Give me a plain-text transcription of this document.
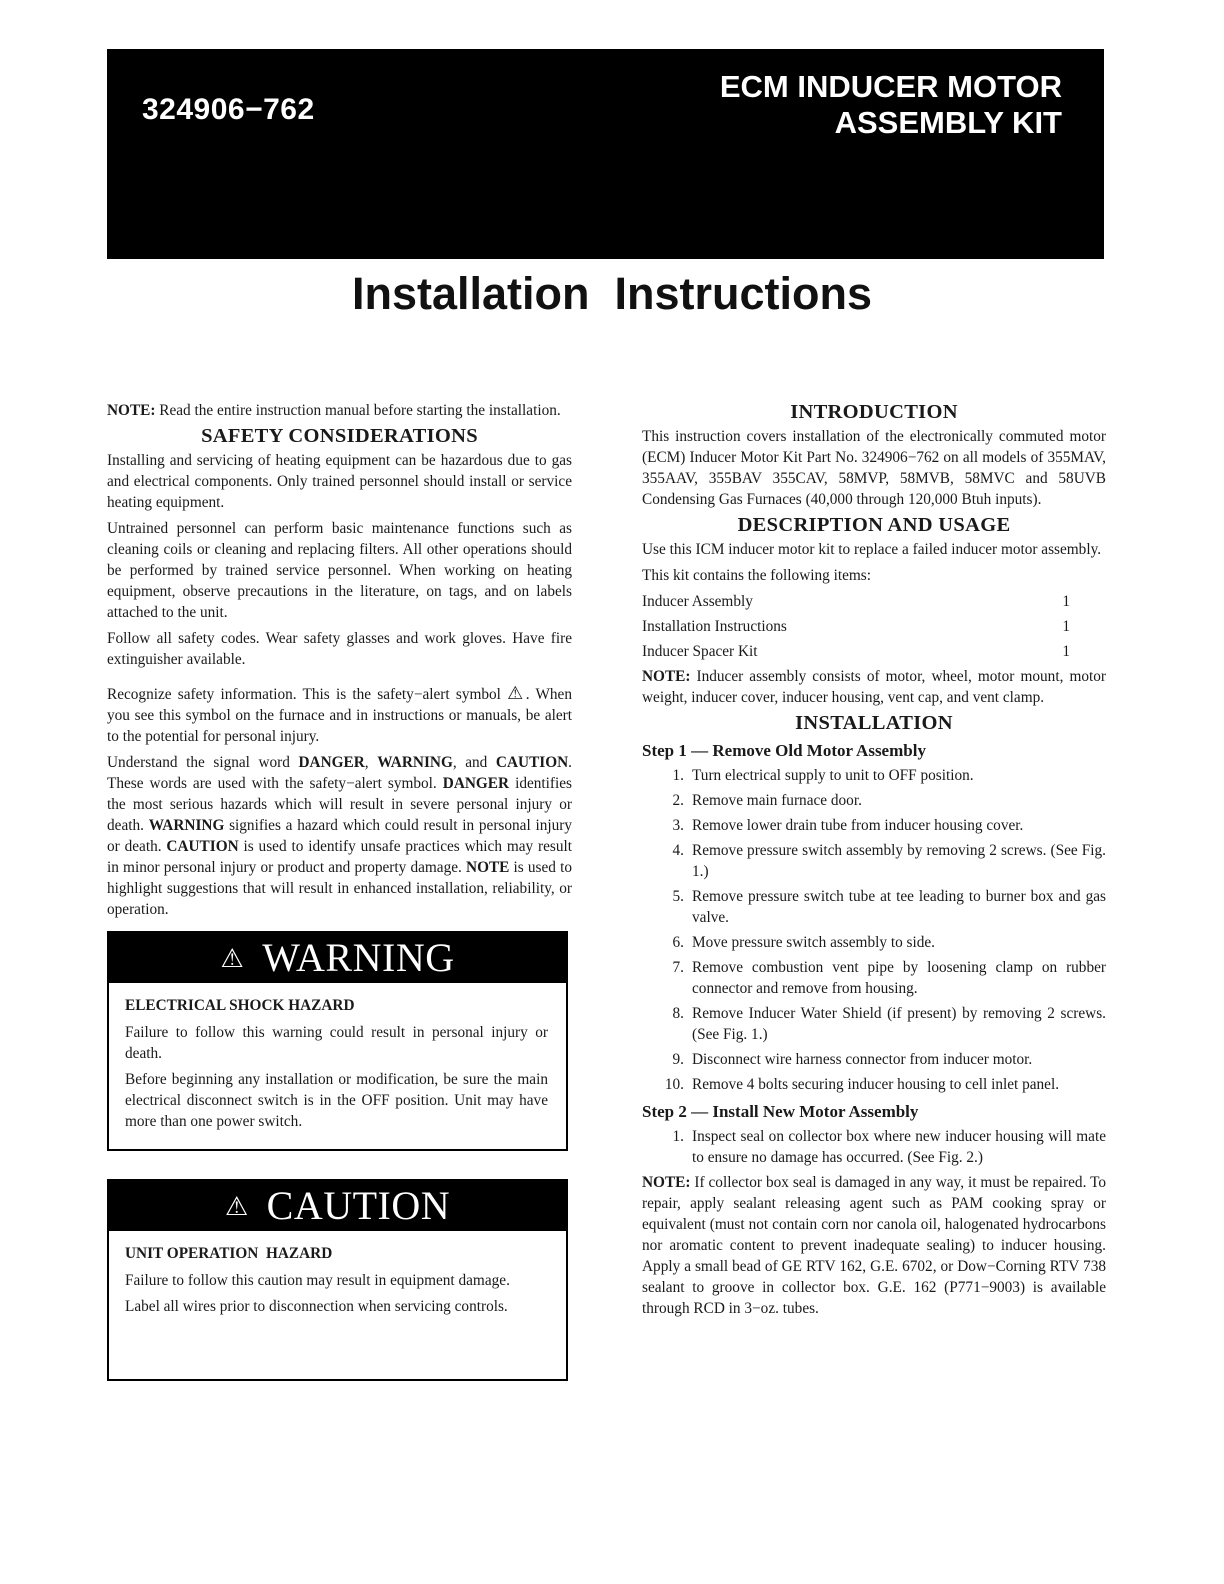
324906−762
ECM INDUCER MOTOR
ASSEMBLY KIT
Installation  Instructions

NOTE: Read the entire instruction manual before starting the installation.

SAFETY CONSIDERATIONS

Installing and servicing of heating equipment can be hazardous due to gas and electrical components. Only trained personnel should install or service heating equipment.

Untrained personnel can perform basic maintenance functions such as cleaning coils or cleaning and replacing filters. All other operations should be performed by trained service personnel. When working on heating equipment, observe precautions in the literature, on tags, and on labels attached to the unit.

Follow all safety codes. Wear safety glasses and work gloves. Have fire extinguisher available.

Recognize safety information. This is the safety−alert symbol ⚠. When you see this symbol on the furnace and in instructions or manuals, be alert to the potential for personal injury.

Understand the signal word DANGER, WARNING, and CAUTION. These words are used with the safety−alert symbol. DANGER identifies the most serious hazards which will result in severe personal injury or death. WARNING signifies a hazard which could result in personal injury or death. CAUTION is used to identify unsafe practices which may result in minor personal injury or product and property damage. NOTE is used to highlight suggestions that will result in enhanced installation, reliability, or operation.

⚠ WARNING
ELECTRICAL SHOCK HAZARD

Failure to follow this warning could result in personal injury or death.

Before beginning any installation or modification, be sure the main electrical disconnect switch is in the OFF position. Unit may have more than one power switch.

⚠ CAUTION
UNIT OPERATION  HAZARD

Failure to follow this caution may result in equipment damage.

Label all wires prior to disconnection when servicing controls.

INTRODUCTION

This instruction covers installation of the electronically commuted motor (ECM) Inducer Motor Kit Part No. 324906−762 on all models of 355MAV, 355AAV, 355BAV 355CAV, 58MVP, 58MVB, 58MVC and 58UVB Condensing Gas Furnaces (40,000 through 120,000 Btuh inputs).

DESCRIPTION AND USAGE

Use this ICM inducer motor kit to replace a failed inducer motor assembly.

This kit contains the following items:

Inducer Assembly	1
Installation Instructions	1
Inducer Spacer Kit	1

NOTE: Inducer assembly consists of motor, wheel, motor mount, motor weight, inducer cover, inducer housing, vent cap, and vent clamp.

INSTALLATION
Step 1 — Remove Old Motor Assembly
1. Turn electrical supply to unit to OFF position.
2. Remove main furnace door.
3. Remove lower drain tube from inducer housing cover.
4. Remove pressure switch assembly by removing 2 screws. (See Fig. 1.)
5. Remove pressure switch tube at tee leading to burner box and gas valve.
6. Move pressure switch assembly to side.
7. Remove combustion vent pipe by loosening clamp on rubber connector and remove from housing.
8. Remove Inducer Water Shield (if present) by removing 2 screws. (See Fig. 1.)
9. Disconnect wire harness connector from inducer motor.
10. Remove 4 bolts securing inducer housing to cell inlet panel.
Step 2 — Install New Motor Assembly
1. Inspect seal on collector box where new inducer housing will mate to ensure no damage has occurred. (See Fig. 2.)

NOTE: If collector box seal is damaged in any way, it must be repaired. To repair, apply sealant releasing agent such as PAM cooking spray or equivalent (must not contain corn nor canola oil, halogenated hydrocarbons nor aromatic content to prevent inadequate sealing) to inducer housing. Apply a small bead of GE RTV 162, G.E. 6702, or Dow−Corning RTV 738 sealant to groove in collector box. G.E. 162 (P771−9003) is available through RCD in 3−oz. tubes.
